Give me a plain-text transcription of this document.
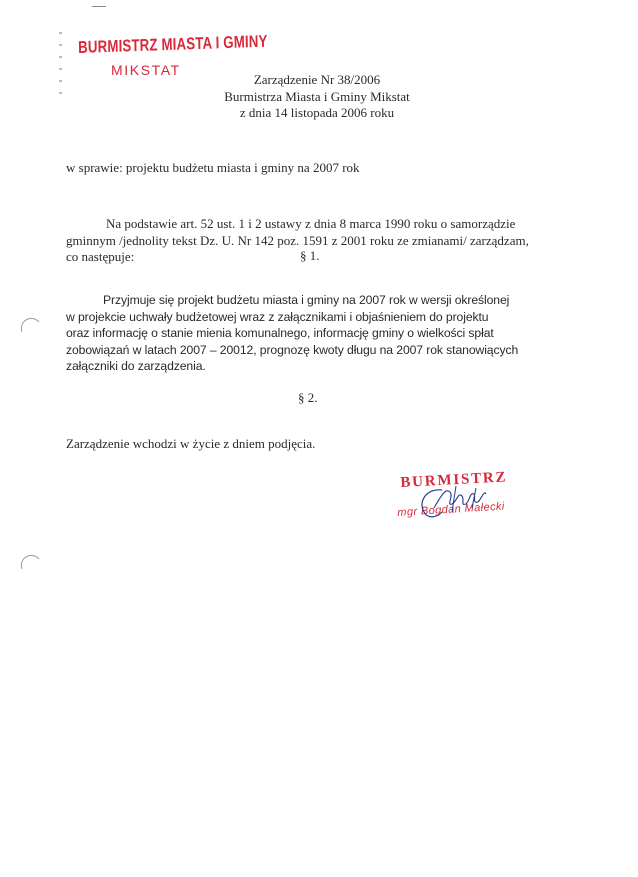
BURMISTRZ MIASTA I GMINY
MIKSTAT
Zarządzenie Nr 38/2006
Burmistrza Miasta i Gminy Mikstat
z dnia 14 listopada 2006 roku
w sprawie: projektu budżetu miasta i gminy na 2007 rok
Na podstawie art. 52 ust. 1 i 2 ustawy z dnia 8 marca 1990 roku o samorządzie
gminnym /jednolity tekst Dz. U. Nr 142 poz. 1591 z 2001 roku ze zmianami/ zarządzam,
co następuje:	§ 1.
Przyjmuje się projekt budżetu miasta i gminy na 2007 rok w wersji określonej
w projekcie uchwały budżetowej wraz z załącznikami i objaśnieniem do projektu
oraz informację o stanie mienia komunalnego, informację gminy o wielkości spłat
zobowiązań w latach 2007 – 20012, prognozę kwoty długu na 2007 rok stanowiących
załączniki do zarządzenia.
§ 2.
Zarządzenie wchodzi w życie z dniem podjęcia.
BURMISTRZ
mgr Bogdan Małecki
